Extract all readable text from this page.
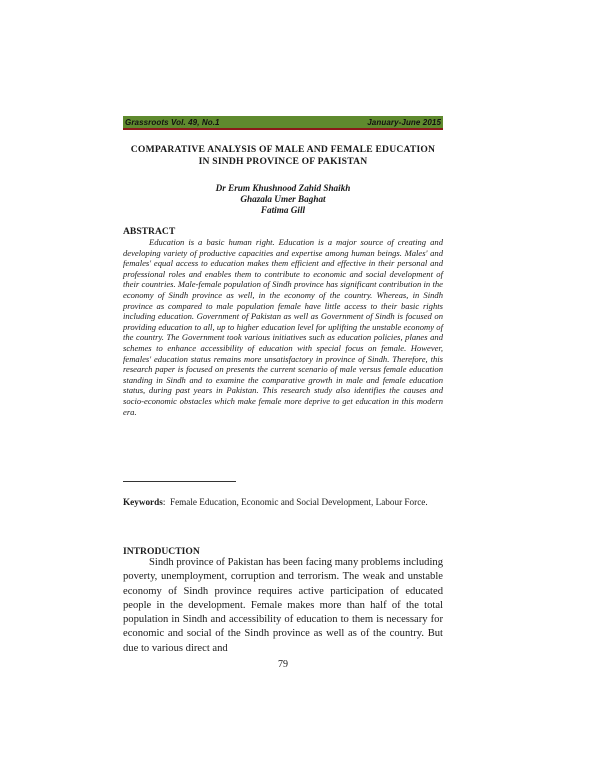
Grassroots Vol. 49, No.1	January-June 2015
COMPARATIVE ANALYSIS OF MALE AND FEMALE EDUCATION
IN SINDH PROVINCE OF PAKISTAN
Dr Erum Khushnood Zahid Shaikh
Ghazala Umer Baghat
Fatima Gill
ABSTRACT
Education is a basic human right. Education is a major source of creating and developing variety of productive capacities and expertise among human beings. Males' and females' equal access to education makes them efficient and effective in their personal and professional roles and enables them to contribute to economic and social development of their countries. Male-female population of Sindh province has significant contribution in the economy of Sindh province as well, in the economy of the country. Whereas, in Sindh province as compared to male population female have little access to their basic rights including education. Government of Pakistan as well as Government of Sindh is focused on providing education to all, up to higher education level for uplifting the unstable economy of the country. The Government took various initiatives such as education policies, planes and schemes to enhance accessibility of education with special focus on female. However, females' education status remains more unsatisfactory in province of Sindh. Therefore, this research paper is focused on presents the current scenario of male versus female education standing in Sindh and to examine the comparative growth in male and female education status, during past years in Pakistan. This research study also identifies the causes and socio-economic obstacles which make female more deprive to get education in this modern era.
Keywords:  Female Education, Economic and Social Development, Labour Force.
INTRODUCTION
Sindh province of Pakistan has been facing many problems including poverty, unemployment, corruption and terrorism. The weak and unstable economy of Sindh province requires active participation of educated people in the development. Female makes more than half of the total population in Sindh and accessibility of education to them is necessary for economic and social of the Sindh province as well as of the country. But due to various direct and
79
